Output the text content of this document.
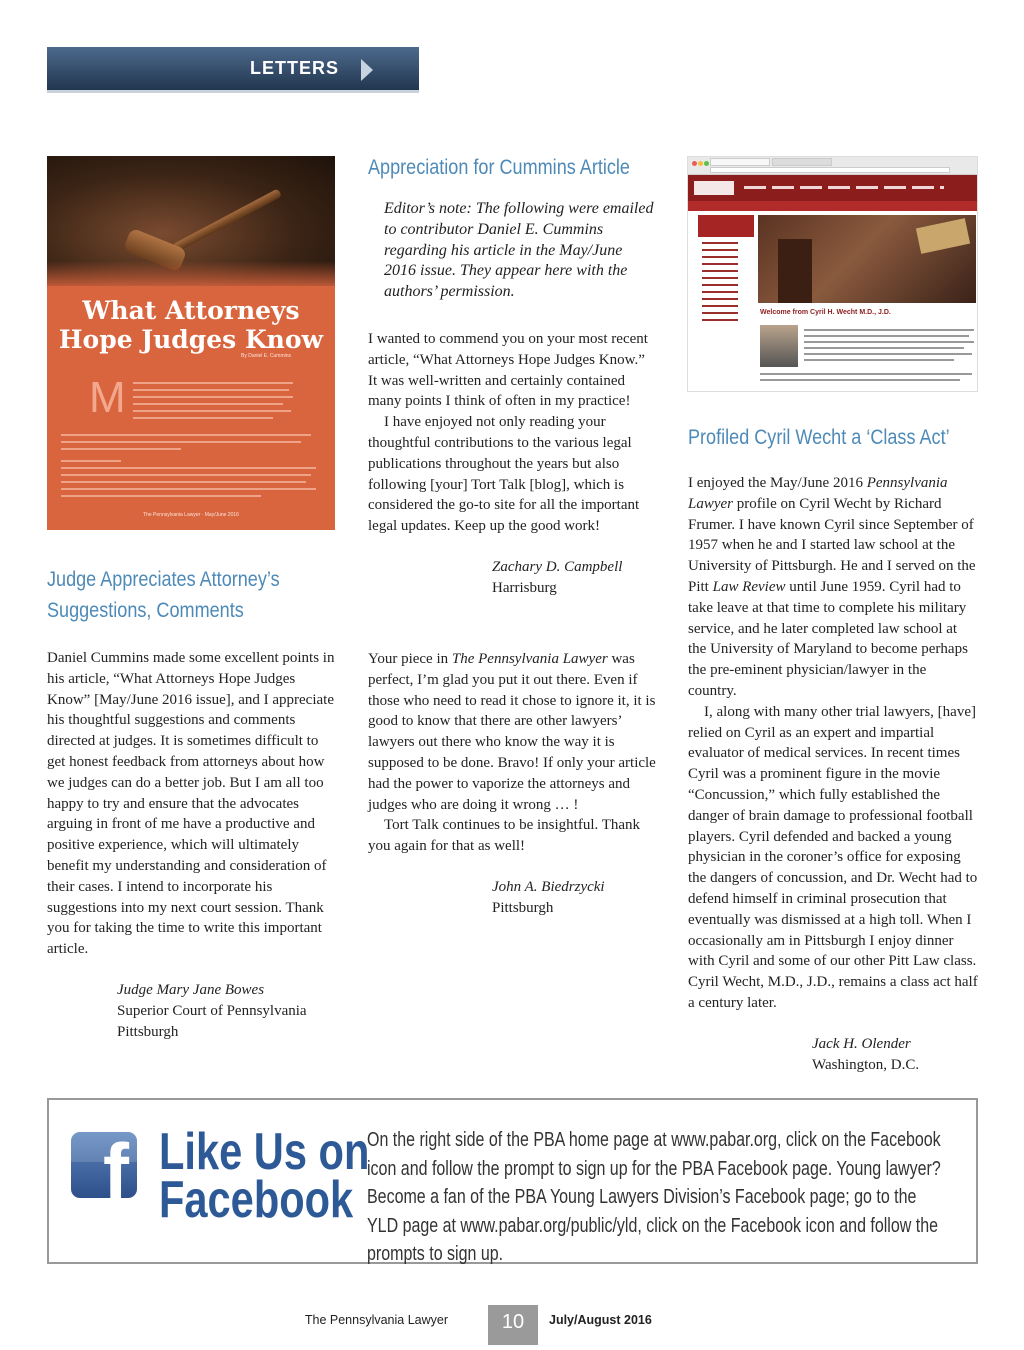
LETTERS
What Attorneys
Hope Judges Know
By Daniel E. Cummins
M
The Pennsylvania Lawyer · May/June 2016
Judge Appreciates Attorney’s
Suggestions, Comments

Daniel Cummins made some excellent points in his article, “What Attorneys Hope Judges Know” [May/June 2016 issue], and I appreciate his thoughtful suggestions and comments directed at judges. It is sometimes difficult to get honest feedback from attorneys about how we judges can do a better job. But I am all too happy to try and ensure that the advocates arguing in front of me have a productive and positive experience, which will ultimately benefit my understanding and consideration of their cases. I intend to incorporate his suggestions into my next court session. Thank you for taking the time to write this important article.

Judge Mary Jane Bowes
Superior Court of Pennsylvania
Pittsburgh
Appreciation for Cummins Article
Editor’s note: The following were emailed to contributor Daniel E. Cummins regarding his article in the May/June 2016 issue. They appear here with the authors’ permission.

I wanted to commend you on your most recent article, “What Attorneys Hope Judges Know.” It was well-written and certainly contained many points I think of often in my practice!

I have enjoyed not only reading your thoughtful contributions to the various legal publications throughout the years but also following [your] Tort Talk [blog], which is considered the go-to site for all the important legal updates. Keep up the good work!

Zachary D. Campbell
Harrisburg

Your piece in The Pennsylvania Lawyer was perfect, I’m glad you put it out there. Even if those who need to read it chose to ignore it, it is good to know that there are other lawyers’ lawyers out there who know the way it is supposed to be done. Bravo! If only your article had the power to vaporize the attorneys and judges who are doing it wrong … !

Tort Talk continues to be insightful. Thank you again for that as well!

John A. Biedrzycki
Pittsburgh
Welcome from Cyril H. Wecht M.D., J.D.
Profiled Cyril Wecht a ‘Class Act’

I enjoyed the May/June 2016 Pennsylvania Lawyer profile on Cyril Wecht by Richard Frumer. I have known Cyril since September of 1957 when he and I started law school at the University of Pittsburgh. He and I served on the Pitt Law Review until June 1959. Cyril had to take leave at that time to complete his military service, and he later completed law school at the University of Maryland to become perhaps the pre-eminent physician/lawyer in the country.

I, along with many other trial lawyers, [have] relied on Cyril as an expert and impartial evaluator of medical services. In recent times Cyril was a prominent figure in the movie “Concussion,” which fully established the danger of brain damage to professional football players. Cyril defended and backed a young physician in the coroner’s office for exposing the dangers of concussion, and Dr. Wecht had to defend himself in criminal prosecution that eventually was dismissed at a high toll. When I occasionally am in Pittsburgh I enjoy dinner with Cyril and some of our other Pitt Law class. Cyril Wecht, M.D., J.D., remains a class act half a century later.

Jack H. Olender
Washington, D.C.
f Like Us on
Facebook
On the right side of the PBA home page at www.pabar.org, click on the Facebook icon and follow the prompt to sign up for the PBA Facebook page. Young lawyer? Become a fan of the PBA Young Lawyers Division’s Facebook page; go to the YLD page at www.pabar.org/public/yld, click on the Facebook icon and follow the prompts to sign up.
The Pennsylvania Lawyer	10	July/August 2016
